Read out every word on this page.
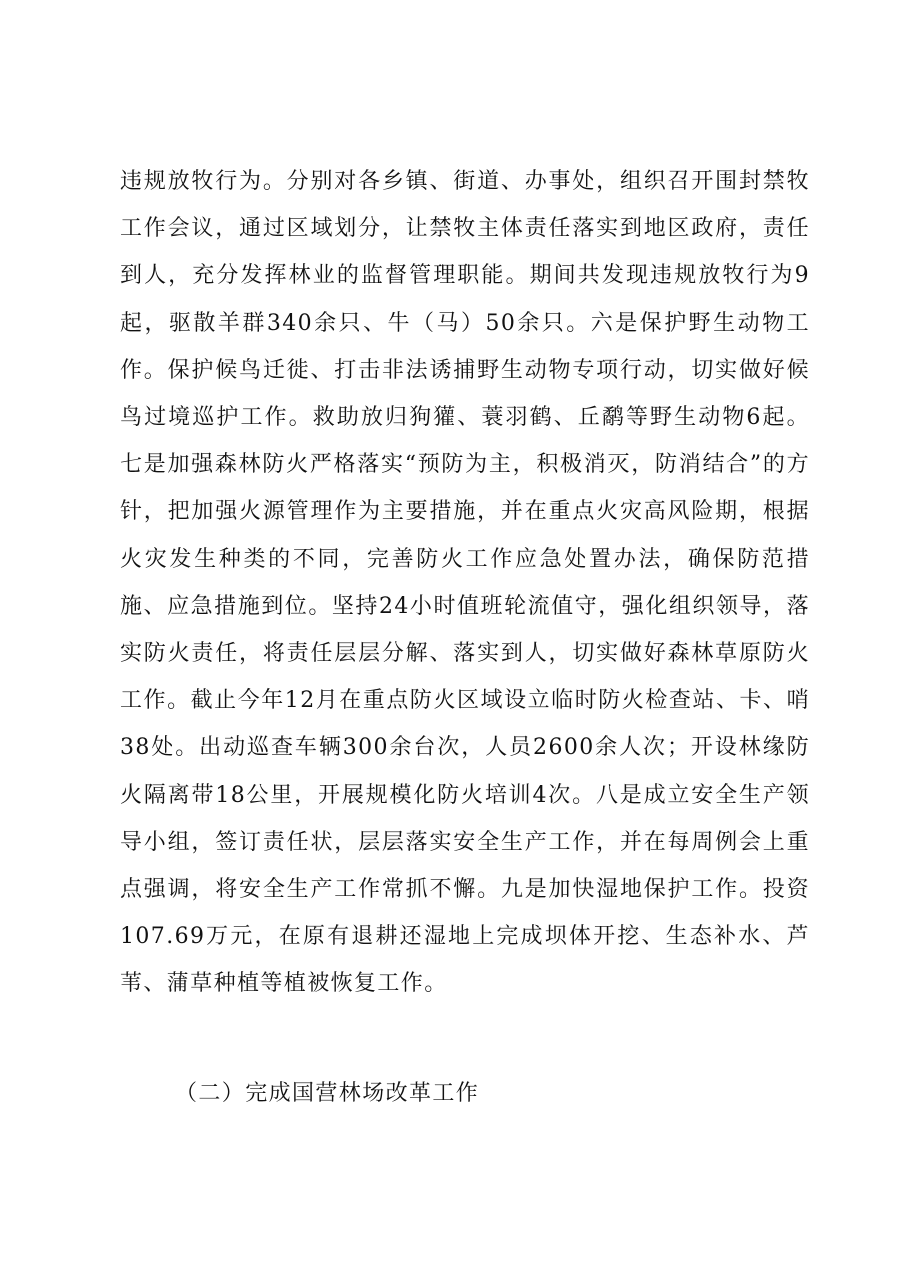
违规放牧行为。分别对各乡镇、街道、办事处，组织召开围封禁牧工作会议，通过区域划分，让禁牧主体责任落实到地区政府，责任到人，充分发挥林业的监督管理职能。期间共发现违规放牧行为9起，驱散羊群340余只、牛（马）50余只。六是保护野生动物工作。保护候鸟迁徙、打击非法诱捕野生动物专项行动，切实做好候鸟过境巡护工作。救助放归狗獾、蓑羽鹤、丘鹬等野生动物6起。七是加强森林防火严格落实“预防为主，积极消灭，防消结合”的方针，把加强火源管理作为主要措施，并在重点火灾高风险期，根据火灾发生种类的不同，完善防火工作应急处置办法，确保防范措施、应急措施到位。坚持24小时值班轮流值守，强化组织领导，落实防火责任，将责任层层分解、落实到人，切实做好森林草原防火工作。截止今年12月在重点防火区域设立临时防火检查站、卡、哨38处。出动巡查车辆300余台次，人员2600余人次；开设林缘防火隔离带18公里，开展规模化防火培训4次。八是成立安全生产领导小组，签订责任状，层层落实安全生产工作，并在每周例会上重点强调，将安全生产工作常抓不懈。九是加快湿地保护工作。投资107.69万元，在原有退耕还湿地上完成坝体开挖、生态补水、芦苇、蒲草种植等植被恢复工作。

（二）完成国营林场改革工作
